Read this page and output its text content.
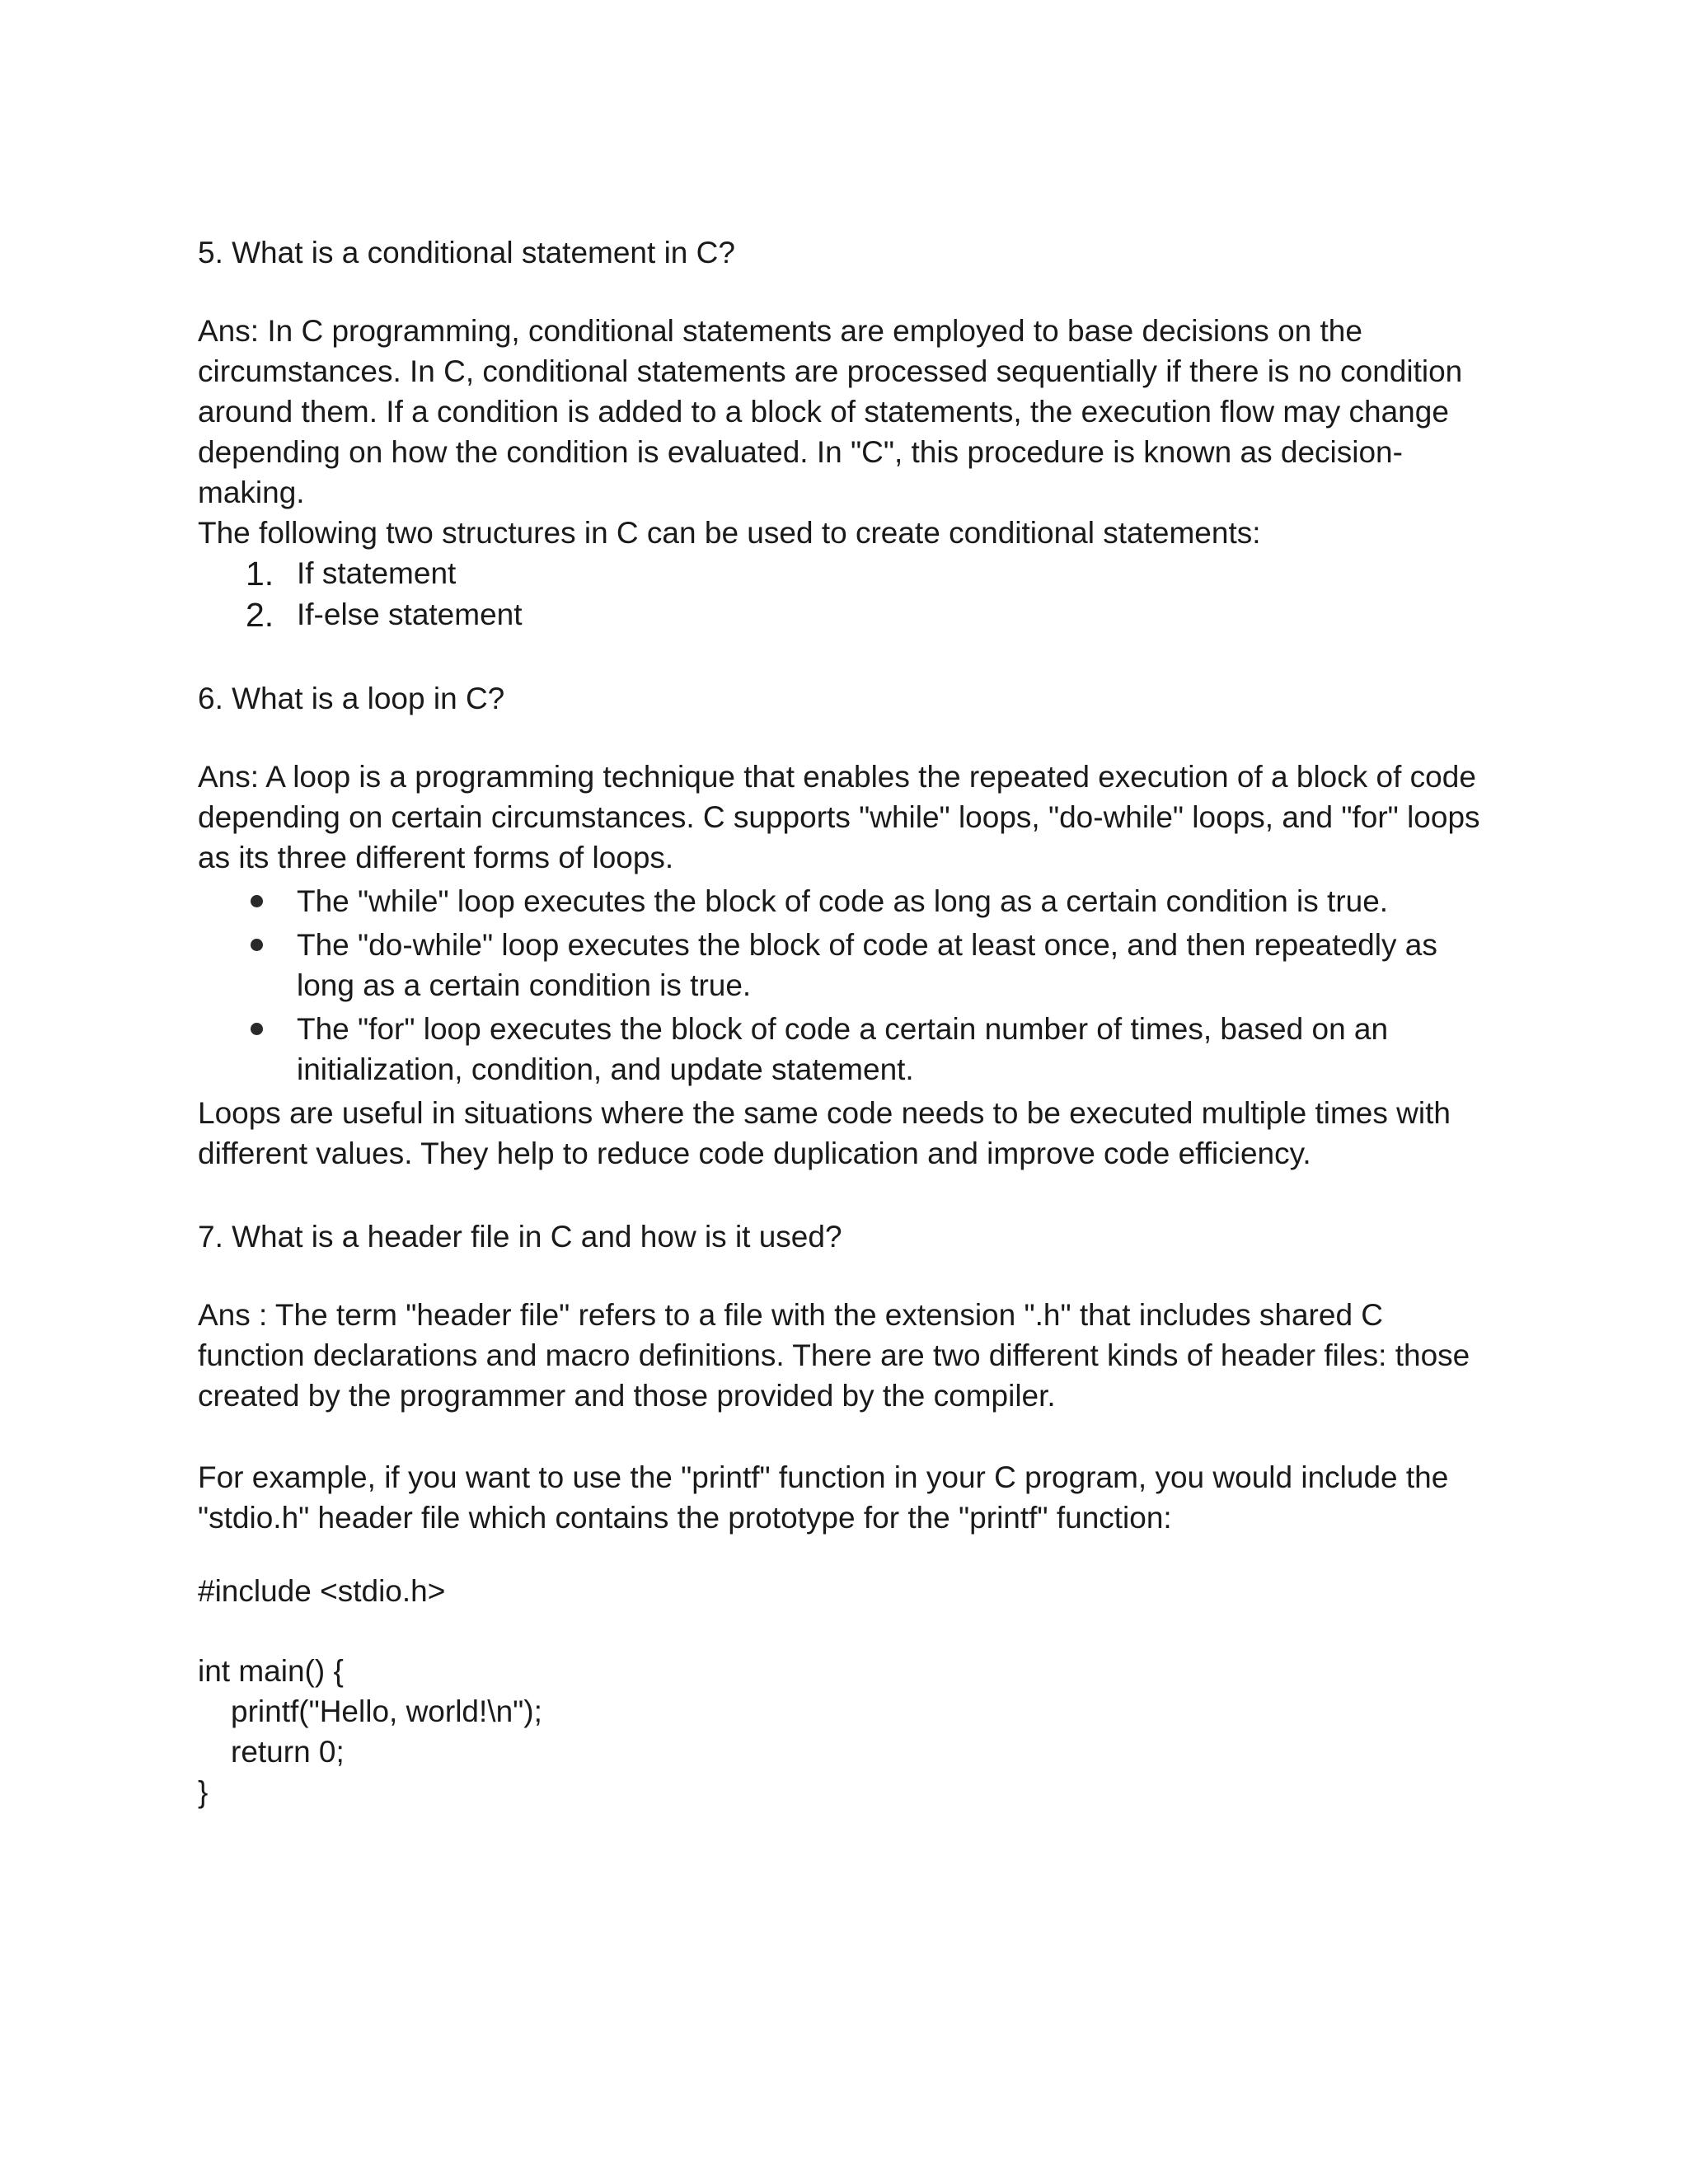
5. What is a conditional statement in C?

Ans: In C programming, conditional statements are employed to base decisions on the circumstances. In C, conditional statements are processed sequentially if there is no condition around them. If a condition is added to a block of statements, the execution flow may change depending on how the condition is evaluated. In "C", this procedure is known as decision-making.

The following two structures in C can be used to create conditional statements:

1. If statement
2. If-else statement

6. What is a loop in C?

Ans: A loop is a programming technique that enables the repeated execution of a block of code depending on certain circumstances. C supports "while" loops, "do-while" loops, and "for" loops as its three different forms of loops.

The "while" loop executes the block of code as long as a certain condition is true.
The "do-while" loop executes the block of code at least once, and then repeatedly as long as a certain condition is true.
The "for" loop executes the block of code a certain number of times, based on an initialization, condition, and update statement.

Loops are useful in situations where the same code needs to be executed multiple times with different values. They help to reduce code duplication and improve code efficiency.

7. What is a header file in C and how is it used?

Ans : The term "header file" refers to a file with the extension ".h" that includes shared C function declarations and macro definitions. There are two different kinds of header files: those created by the programmer and those provided by the compiler.

For example, if you want to use the "printf" function in your C program, you would include the "stdio.h" header file which contains the prototype for the "printf" function:

#include <stdio.h>

int main() {

printf("Hello, world!\n");

return 0;

}
